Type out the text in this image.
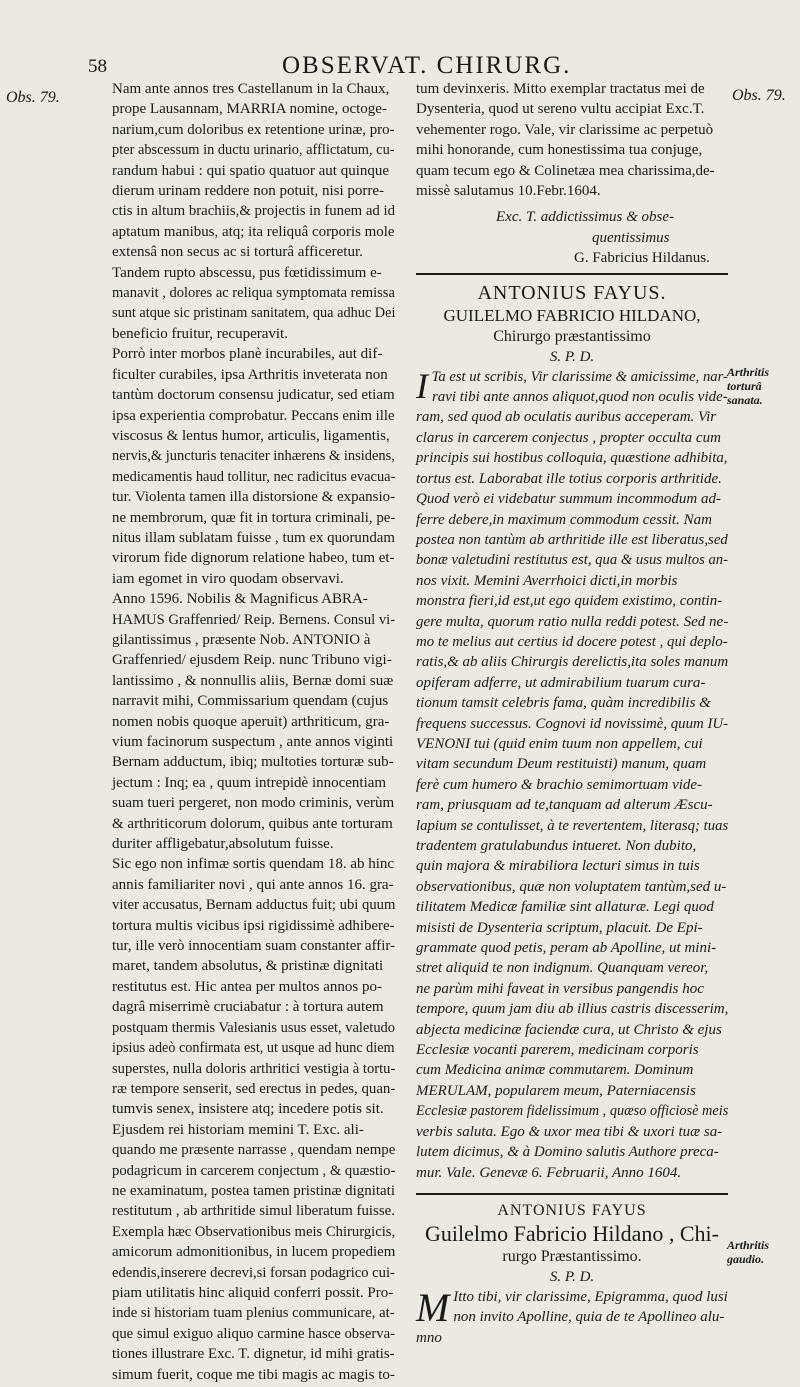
58	OBSERVAT. CHIRURG.
Obs. 79.	Obs. 79.
Arthritis
torturâ
sanata.
Arthritis
gaudio.
Nam ante annos tres Castellanum in la Chaux,
prope Lausannam, MARRIA nomine, octoge-
narium,cum doloribus ex retentione urinæ, pro-
pter abscessum in ductu urinario, afflictatum, cu-
randum habui : qui spatio quatuor aut quinque
dierum urinam reddere non potuit, nisi porre-
ctis in altum brachiis,& projectis in funem ad id
aptatum manibus, atq; ita reliquâ corporis mole
extensâ non secus ac si torturâ afficeretur.
Tandem rupto abscessu, pus fœtidissimum e-
manavit , dolores ac reliqua symptomata remissa
sunt atque sic pristinam sanitatem, qua adhuc Dei
beneficio fruitur, recuperavit.
Porrò inter morbos planè incurabiles, aut dif-
ficulter curabiles, ipsa Arthritis inveterata non
tantùm doctorum consensu judicatur, sed etiam
ipsa experientia comprobatur. Peccans enim ille
viscosus & lentus humor, articulis, ligamentis,
nervis,& juncturis tenaciter inhærens & insidens,
medicamentis haud tollitur, nec radicitus evacua-
tur. Violenta tamen illa distorsione & expansio-
ne membrorum, quæ fit in tortura criminali, pe-
nitus illam sublatam fuisse , tum ex quorundam
virorum fide dignorum relatione habeo, tum et-
iam egomet in viro quodam observavi.
Anno 1596. Nobilis & Magnificus ABRA-
HAMUS Graffenried/ Reip. Bernens. Consul vi-
gilantissimus , præsente Nob. ANTONIO à
Graffenried/ ejusdem Reip. nunc Tribuno vigi-
lantissimo , & nonnullis aliis, Bernæ domi suæ
narravit mihi, Commissarium quendam (cujus
nomen nobis quoque aperuit) arthriticum, gra-
vium facinorum suspectum , ante annos viginti
Bernam adductum, ibiq; multoties torturæ sub-
jectum : Inq; ea , quum intrepidè innocentiam
suam tueri pergeret, non modo criminis, verùm
& arthriticorum dolorum, quibus ante torturam
duriter affligebatur,absolutum fuisse.
Sic ego non infimæ sortis quendam 18. ab hinc
annis familiariter novi , qui ante annos 16. gra-
viter accusatus, Bernam adductus fuit; ubi quum
tortura multis vicibus ipsi rigidissimè adhibere-
tur, ille verò innocentiam suam constanter affir-
maret, tandem absolutus, & pristinæ dignitati
restitutus est. Hic antea per multos annos po-
dagrâ miserrimè cruciabatur : à tortura autem
postquam thermis Valesianis usus esset, valetudo
ipsius adeò confirmata est, ut usque ad hunc diem
superstes, nulla doloris arthritici vestigia à tortu-
ræ tempore senserit, sed erectus in pedes, quan-
tumvis senex, insistere atq; incedere potis sit.
Ejusdem rei historiam memini T. Exc. ali-
quando me præsente narrasse , quendam nempe
podagricum in carcerem conjectum , & quæstio-
ne examinatum, postea tamen pristinæ dignitati
restitutum , ab arthritide simul liberatum fuisse.
Exempla hæc Observationibus meis Chirurgicis,
amicorum admonitionibus, in lucem propediem
edendis,inserere decrevi,si forsan podagrico cui-
piam utilitatis hinc aliquid conferri possit. Pro-
inde si historiam tuam plenius communicare, at-
que simul exiguo aliquo carmine hasce observa-
tiones illustrare Exc. T. dignetur, id mihi gratis-
simum fuerit, coque me tibi magis ac magis to-
tum devinxeris. Mitto exemplar tractatus mei de
Dysenteria, quod ut sereno vultu accipiat Exc.T.
vehementer rogo. Vale, vir clarissime ac perpetuò
mihi honorande, cum honestissima tua conjuge,
quam tecum ego & Colinetæa mea charissima,de-
missè salutamus 10.Febr.1604.
Exc. T. addictissimus & obse-
quentissimus
G. Fabricius Hildanus.
ANTONIUS FAYUS.
GUILELMO FABRICIO HILDANO,
Chirurgo præstantissimo
S. P. D.
I Ta est ut scribis, Vir clarissime & amicissime, nar-
ravi tibi ante annos aliquot,quod non oculis vide-
ram, sed quod ab oculatis auribus acceperam. Vir
clarus in carcerem conjectus , propter occulta cum
principis sui hostibus colloquia, quæstione adhibita,
tortus est. Laborabat ille totius corporis arthritide.
Quod verò ei videbatur summum incommodum ad-
ferre debere,in maximum commodum cessit. Nam
postea non tantùm ab arthritide ille est liberatus,sed
bonæ valetudini restitutus est, qua & usus multos an-
nos vixit. Memini Averrhoici dicti,in morbis
monstra fieri,id est,ut ego quidem existimo, contin-
gere multa, quorum ratio nulla reddi potest. Sed ne-
mo te melius aut certius id docere potest , qui deplo-
ratis,& ab aliis Chirurgis derelictis,ita soles manum
opiferam adferre, ut admirabilium tuarum cura-
tionum tamsit celebris fama, quàm incredibilis &
frequens successus. Cognovi id novissimè, quum IU-
VENONI tui (quid enim tuum non appellem, cui
vitam secundum Deum restituisti) manum, quam
ferè cum humero & brachio semimortuam vide-
ram, priusquam ad te,tanquam ad alterum Æscu-
lapium se contulisset, à te revertentem, literasq; tuas
tradentem gratulabundus intueret. Non dubito,
quin majora & mirabiliora lecturi simus in tuis
observationibus, quæ non voluptatem tantùm,sed u-
tilitatem Medicæ familiæ sint allaturæ. Legi quod
misisti de Dysenteria scriptum, placuit. De Epi-
grammate quod petis, peram ab Apolline, ut mini-
stret aliquid te non indignum. Quanquam vereor,
ne parùm mihi faveat in versibus pangendis hoc
tempore, quum jam diu ab illius castris discesserim,
abjecta medicinæ faciendæ cura, ut Christo & ejus
Ecclesiæ vocanti parerem, medicinam corporis
cum Medicina animæ commutarem. Dominum
MERULAM, popularem meum, Paterniacensis
Ecclesiæ pastorem fidelissimum , quæso officiosè meis
verbis saluta. Ego & uxor mea tibi & uxori tuæ sa-
lutem dicimus, & à Domino salutis Authore preca-
mur. Vale. Genevæ 6. Februarii, Anno 1604.
ANTONIUS FAYUS
Guilelmo Fabricio Hildano , Chi-
rurgo Præstantissimo.
S. P. D.
M Itto tibi, vir clarissime, Epigramma, quod lusi
non invito Apolline, quia de te Apollineo alu-
mno
